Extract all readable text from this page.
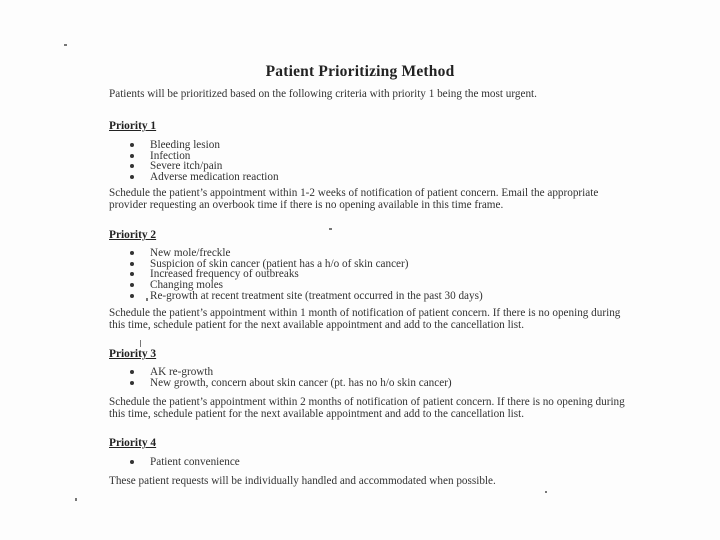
Patient Prioritizing Method
Patients will be prioritized based on the following criteria with priority 1 being the most urgent.
Priority 1
Bleeding lesion
Infection
Severe itch/pain
Adverse medication reaction
Schedule the patient’s appointment within 1-2 weeks of notification of patient concern. Email the appropriate provider requesting an overbook time if there is no opening available in this time frame.
Priority 2
New mole/freckle
Suspicion of skin cancer (patient has a h/o of skin cancer)
Increased frequency of outbreaks
Changing moles
Re-growth at recent treatment site (treatment occurred in the past 30 days)
Schedule the patient’s appointment within 1 month of notification of patient concern. If there is no opening during this time, schedule patient for the next available appointment and add to the cancellation list.
Priority 3
AK re-growth
New growth, concern about skin cancer (pt. has no h/o skin cancer)
Schedule the patient’s appointment within 2 months of notification of patient concern. If there is no opening during this time, schedule patient for the next available appointment and add to the cancellation list.
Priority 4
Patient convenience
These patient requests will be individually handled and accommodated when possible.
